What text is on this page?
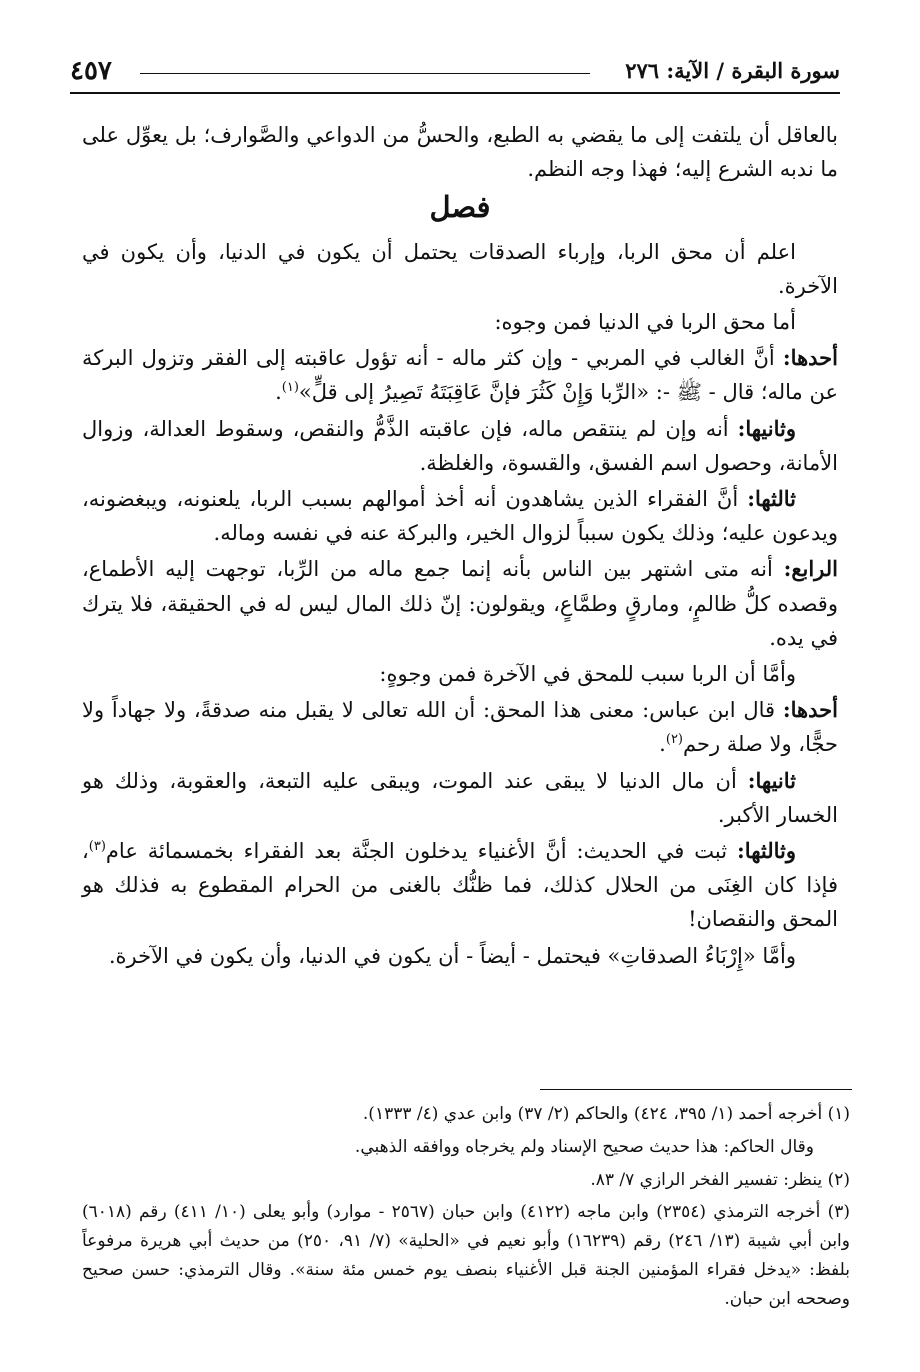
٤٥٧	سورة البقرة / الآية: ٢٧٦

بالعاقل أن يلتفت إلى ما يقضي به الطبع، والحسُّ من الدواعي والصَّوارف؛ بل يعوِّل على ما ندبه الشرع إليه؛ فهذا وجه النظم.

فصل

اعلم أن محق الربا، وإرباء الصدقات يحتمل أن يكون في الدنيا، وأن يكون في الآخرة.

أما محق الربا في الدنيا فمن وجوه:

أحدها: أنَّ الغالب في المربي - وإن كثر ماله - أنه تؤول عاقبته إلى الفقر وتزول البركة عن ماله؛ قال - ﷺ -: «الرِّبا وَإِنْ كَثُرَ فإنَّ عَاقِبَتَهُ تَصِيرُ إلى قلٍّ»$^{(١)}$.

وثانيها: أنه وإن لم ينتقص ماله، فإن عاقبته الذَّمُّ والنقص، وسقوط العدالة، وزوال الأمانة، وحصول اسم الفسق، والقسوة، والغلظة.

ثالثها: أنَّ الفقراء الذين يشاهدون أنه أخذ أموالهم بسبب الربا، يلعنونه، ويبغضونه، ويدعون عليه؛ وذلك يكون سبباً لزوال الخير، والبركة عنه في نفسه وماله.

الرابع: أنه متى اشتهر بين الناس بأنه إنما جمع ماله من الرِّبا، توجهت إليه الأطماع، وقصده كلُّ ظالمٍ، ومارقٍ وطمَّاعٍ، ويقولون: إنّ ذلك المال ليس له في الحقيقة، فلا يترك في يده.

وأمَّا أن الربا سبب للمحق في الآخرة فمن وجوهٍ:

أحدها: قال ابن عباس: معنى هذا المحق: أن الله تعالى لا يقبل منه صدقةً، ولا جهاداً ولا حجًّا، ولا صلة رحم$^{(٢)}$.

ثانيها: أن مال الدنيا لا يبقى عند الموت، ويبقى عليه التبعة، والعقوبة، وذلك هو الخسار الأكبر.

وثالثها: ثبت في الحديث: أنَّ الأغنياء يدخلون الجنَّة بعد الفقراء بخمسمائة عام$^{(٣)}$، فإذا كان الغِنَى من الحلال كذلك، فما ظنُّك بالغنى من الحرام المقطوع به فذلك هو المحق والنقصان!

وأمَّا «إِرْبَاءُ الصدقاتِ» فيحتمل - أيضاً - أن يكون في الدنيا، وأن يكون في الآخرة.

(١) أخرجه أحمد (١/ ٣٩٥، ٤٢٤) والحاكم (٢/ ٣٧) وابن عدي (٤/ ١٣٣٣).

وقال الحاكم: هذا حديث صحيح الإسناد ولم يخرجاه ووافقه الذهبي.

(٢) ينظر: تفسير الفخر الرازي ٧/ ٨٣.

(٣) أخرجه الترمذي (٢٣٥٤) وابن ماجه (٤١٢٢) وابن حبان (٢٥٦٧ - موارد) وأبو يعلى (١٠/ ٤١١) رقم (٦٠١٨) وابن أبي شيبة (١٣/ ٢٤٦) رقم (١٦٢٣٩) وأبو نعيم في «الحلية» (٧/ ٩١، ٢٥٠) من حديث أبي هريرة مرفوعاً بلفظ: «يدخل فقراء المؤمنين الجنة قبل الأغنياء بنصف يوم خمس مئة سنة». وقال الترمذي: حسن صحيح وصححه ابن حبان.
